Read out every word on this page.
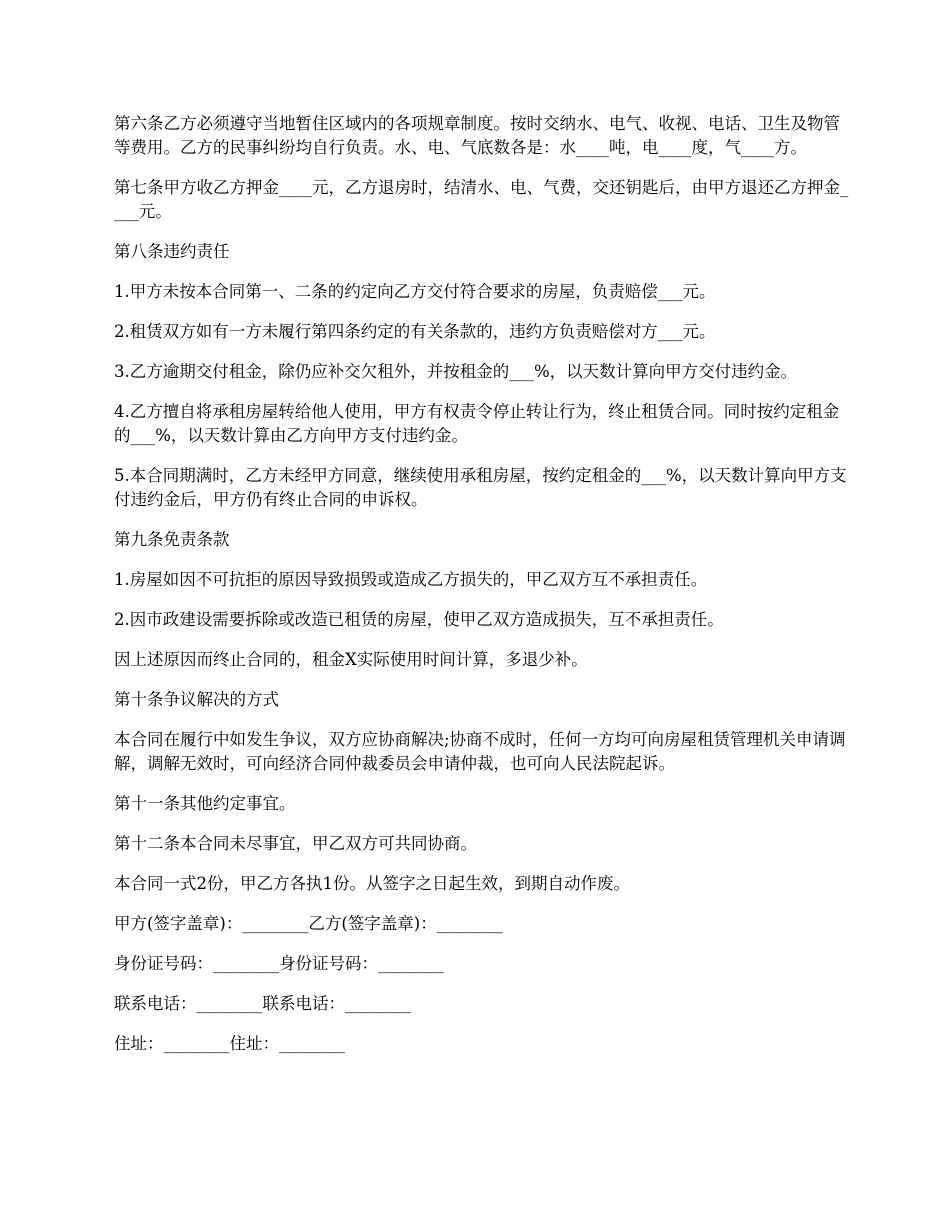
第六条乙方必须遵守当地暂住区域内的各项规章制度。按时交纳水、电气、收视、电话、卫生及物管等费用。乙方的民事纠纷均自行负责。水、电、气底数各是：水____吨，电____度，气____方。

第七条甲方收乙方押金____元，乙方退房时，结清水、电、气费，交还钥匙后，由甲方退还乙方押金____元。

第八条违约责任

1.甲方未按本合同第一、二条的约定向乙方交付符合要求的房屋，负责赔偿___元。

2.租赁双方如有一方未履行第四条约定的有关条款的，违约方负责赔偿对方___元。

3.乙方逾期交付租金，除仍应补交欠租外，并按租金的___%，以天数计算向甲方交付违约金。

4.乙方擅自将承租房屋转给他人使用，甲方有权责令停止转让行为，终止租赁合同。同时按约定租金的___%，以天数计算由乙方向甲方支付违约金。

5.本合同期满时，乙方未经甲方同意，继续使用承租房屋，按约定租金的___%，以天数计算向甲方支付违约金后，甲方仍有终止合同的申诉权。

第九条免责条款

1.房屋如因不可抗拒的原因导致损毁或造成乙方损失的，甲乙双方互不承担责任。

2.因市政建设需要拆除或改造已租赁的房屋，使甲乙双方造成损失，互不承担责任。

因上述原因而终止合同的，租金X实际使用时间计算，多退少补。

第十条争议解决的方式

本合同在履行中如发生争议，双方应协商解决;协商不成时，任何一方均可向房屋租赁管理机关申请调解，调解无效时，可向经济合同仲裁委员会申请仲裁，也可向人民法院起诉。

第十一条其他约定事宜。

第十二条本合同未尽事宜，甲乙双方可共同协商。

本合同一式2份，甲乙方各执1份。从签字之日起生效，到期自动作废。

甲方(签字盖章)：________乙方(签字盖章)：________

身份证号码：________身份证号码：________

联系电话：________联系电话：________

住址：________住址：________
